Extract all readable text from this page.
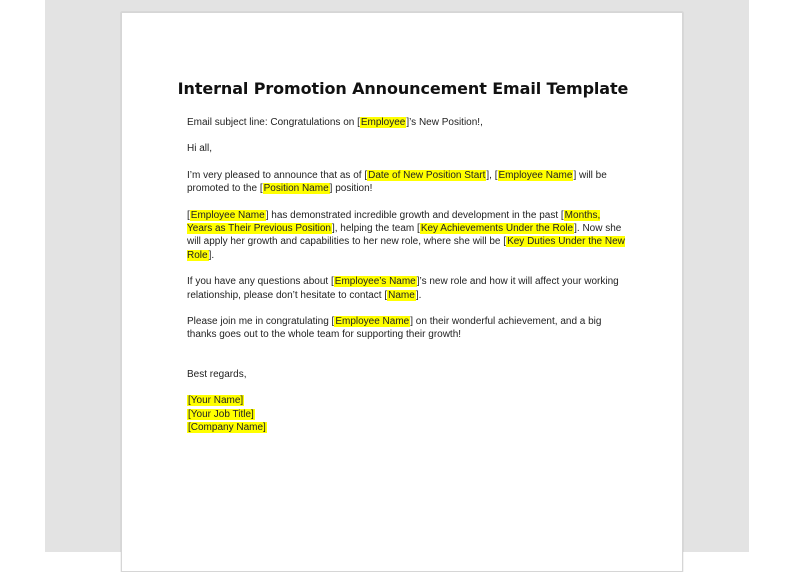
Internal Promotion Announcement Email Template

Email subject line: Congratulations on [Employee]’s New Position!,

Hi all,

I’m very pleased to announce that as of [Date of New Position Start], [Employee Name] will be promoted to the [Position Name] position!

[Employee Name] has demonstrated incredible growth and development in the past [Months, Years as Their Previous Position], helping the team [Key Achievements Under the Role]. Now she will apply her growth and capabilities to her new role, where she will be [Key Duties Under the New Role].

If you have any questions about [Employee’s Name]’s new role and how it will affect your working relationship, please don’t hesitate to contact [Name].

Please join me in congratulating [Employee Name] on their wonderful achievement, and a big thanks goes out to the whole team for supporting their growth!

Best regards,

[Your Name]
[Your Job Title]
[Company Name]
